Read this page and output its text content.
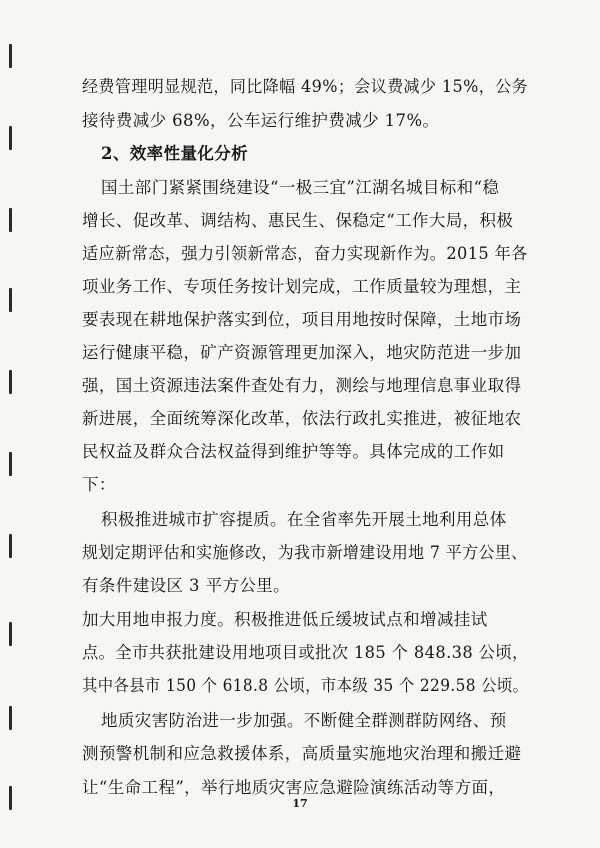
经费管理明显规范，同比降幅 49%；会议费减少 15%，公务

接待费减少 68%，公车运行维护费减少 17%。

2、效率性量化分析

国土部门紧紧围绕建设“一极三宜”江湖名城目标和“稳

增长、促改革、调结构、惠民生、保稳定“工作大局，积极

适应新常态，强力引领新常态，奋力实现新作为。2015 年各

项业务工作、专项任务按计划完成，工作质量较为理想，主

要表现在耕地保护落实到位，项目用地按时保障，土地市场

运行健康平稳，矿产资源管理更加深入，地灾防范进一步加

强，国土资源违法案件查处有力，测绘与地理信息事业取得

新进展，全面统筹深化改革，依法行政扎实推进，被征地农

民权益及群众合法权益得到维护等等。具体完成的工作如

下：

积极推进城市扩容提质。在全省率先开展土地利用总体

规划定期评估和实施修改，为我市新增建设用地 7 平方公里、

有条件建设区 3 平方公里。

加大用地申报力度。积极推进低丘缓坡试点和增减挂试

点。全市共获批建设用地项目或批次 185 个 848.38 公顷，

其中各县市 150 个 618.8 公顷，市本级 35 个 229.58 公顷。

地质灾害防治进一步加强。不断健全群测群防网络、预

测预警机制和应急救援体系，高质量实施地灾治理和搬迁避

让“生命工程”，举行地质灾害应急避险演练活动等方面，

17
